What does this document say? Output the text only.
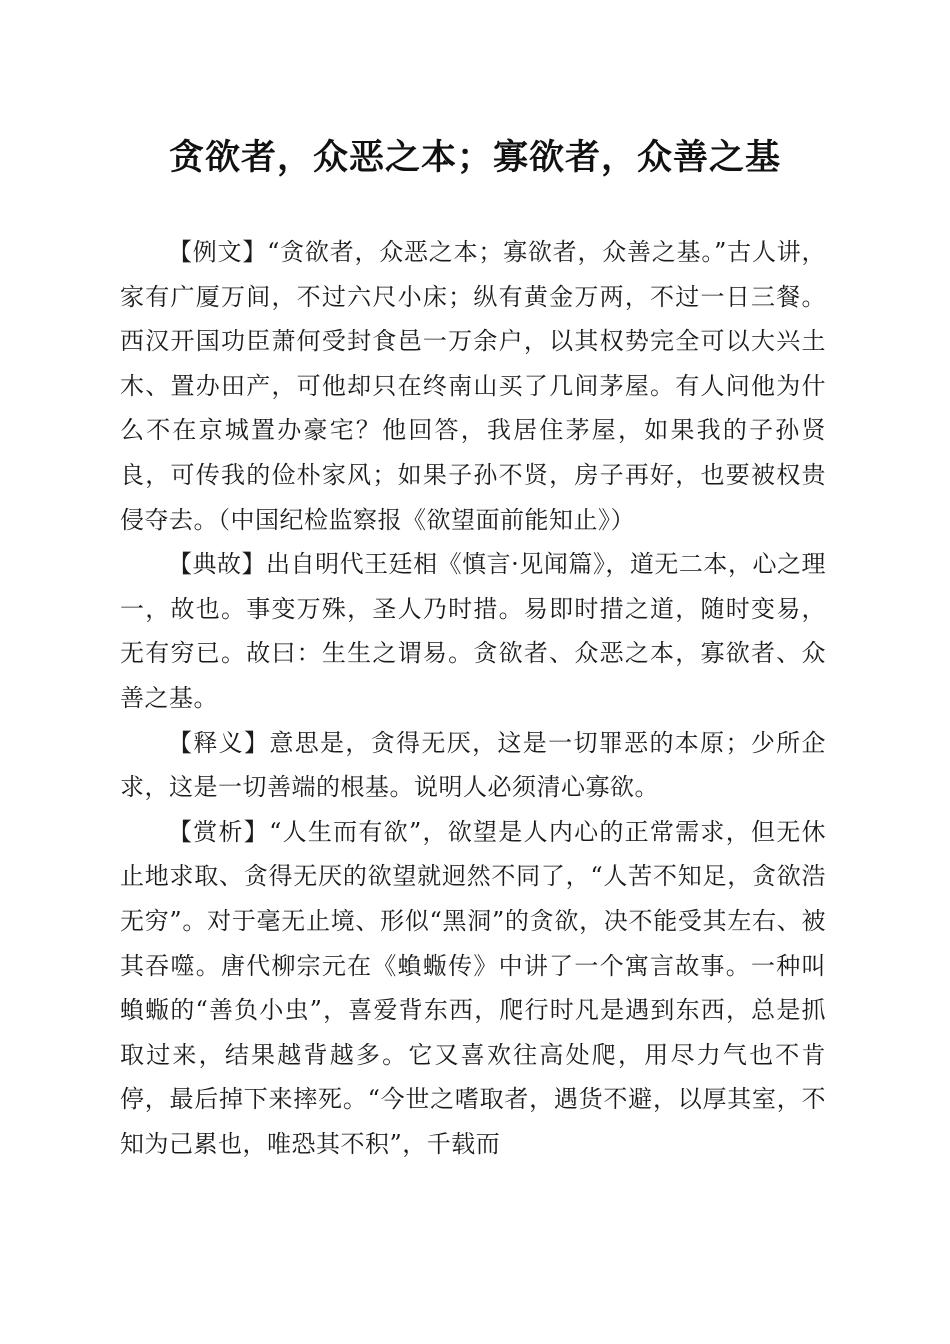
贪欲者，众恶之本；寡欲者，众善之基

【例文】“贪欲者，众恶之本；寡欲者，众善之基。”古人讲，家有广厦万间，不过六尺小床；纵有黄金万两，不过一日三餐。西汉开国功臣萧何受封食邑一万余户，以其权势完全可以大兴土木、置办田产，可他却只在终南山买了几间茅屋。有人问他为什么不在京城置办豪宅？他回答，我居住茅屋，如果我的子孙贤良，可传我的俭朴家风；如果子孙不贤，房子再好，也要被权贵侵夺去。（中国纪检监察报《欲望面前能知止》）

【典故】出自明代王廷相《慎言·见闻篇》，道无二本，心之理一，故也。事变万殊，圣人乃时措。易即时措之道，随时变易，无有穷已。故曰：生生之谓易。贪欲者、众恶之本，寡欲者、众善之基。

【释义】意思是，贪得无厌，这是一切罪恶的本原；少所企求，这是一切善端的根基。说明人必须清心寡欲。

【赏析】“人生而有欲”，欲望是人内心的正常需求，但无休止地求取、贪得无厌的欲望就迥然不同了，“人苦不知足，贪欲浩无穷”。对于毫无止境、形似“黑洞”的贪欲，决不能受其左右、被其吞噬。唐代柳宗元在《蝜蝂传》中讲了一个寓言故事。一种叫蝜蝂的“善负小虫”，喜爱背东西，爬行时凡是遇到东西，总是抓取过来，结果越背越多。它又喜欢往高处爬，用尽力气也不肯停，最后掉下来摔死。“今世之嗜取者，遇货不避，以厚其室，不知为己累也，唯恐其不积”，千载而
